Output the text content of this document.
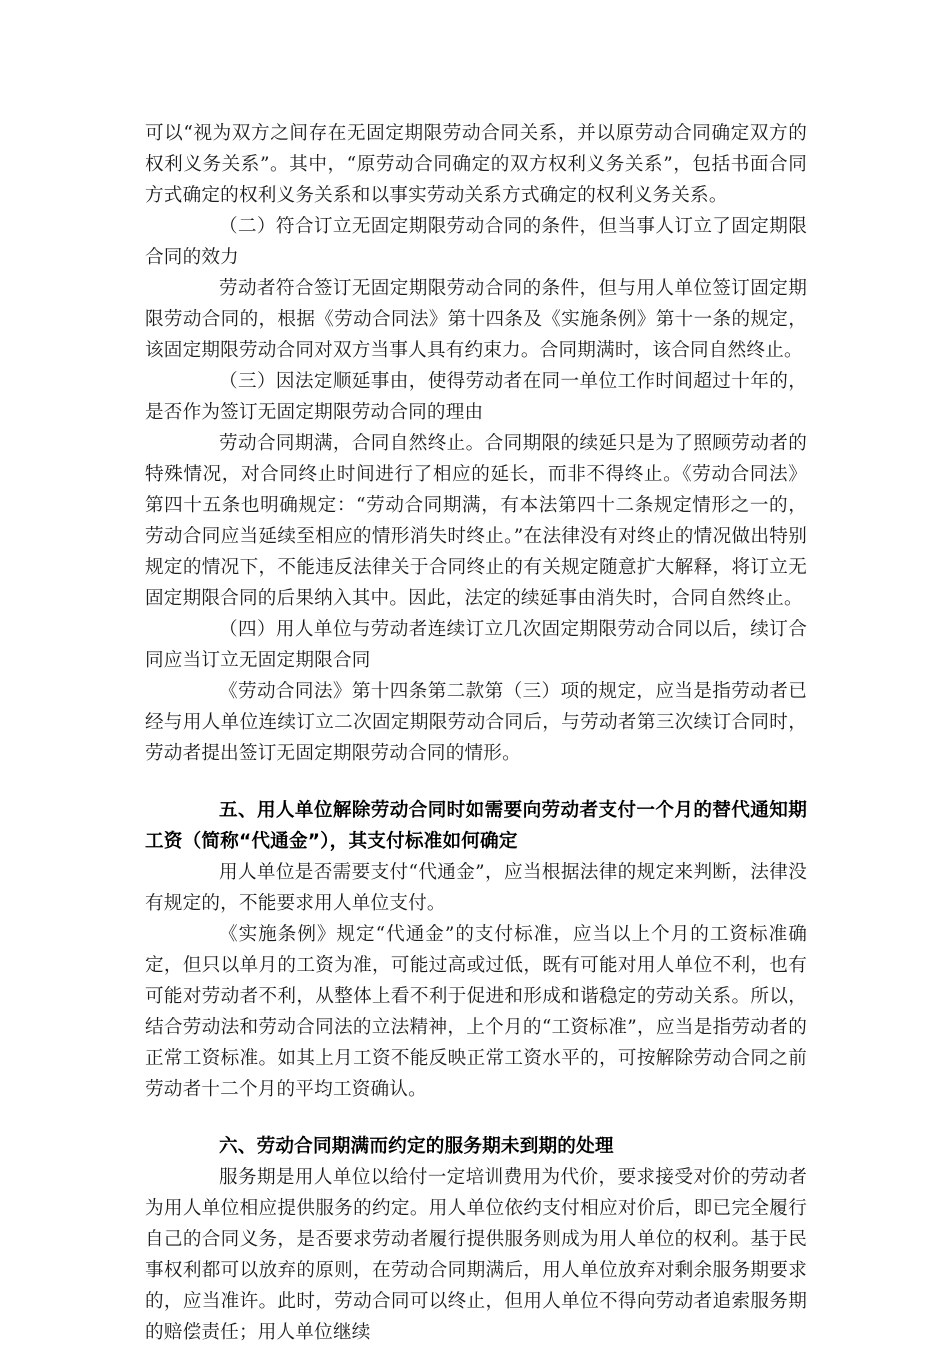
可以“视为双方之间存在无固定期限劳动合同关系，并以原劳动合同确定双方的权利义务关系”。其中，“原劳动合同确定的双方权利义务关系”，包括书面合同方式确定的权利义务关系和以事实劳动关系方式确定的权利义务关系。

（二）符合订立无固定期限劳动合同的条件，但当事人订立了固定期限合同的效力

劳动者符合签订无固定期限劳动合同的条件，但与用人单位签订固定期限劳动合同的，根据《劳动合同法》第十四条及《实施条例》第十一条的规定，该固定期限劳动合同对双方当事人具有约束力。合同期满时，该合同自然终止。

（三）因法定顺延事由，使得劳动者在同一单位工作时间超过十年的，是否作为签订无固定期限劳动合同的理由

劳动合同期满，合同自然终止。合同期限的续延只是为了照顾劳动者的特殊情况，对合同终止时间进行了相应的延长，而非不得终止。《劳动合同法》第四十五条也明确规定：“劳动合同期满，有本法第四十二条规定情形之一的，劳动合同应当延续至相应的情形消失时终止。”在法律没有对终止的情况做出特别规定的情况下，不能违反法律关于合同终止的有关规定随意扩大解释，将订立无固定期限合同的后果纳入其中。因此，法定的续延事由消失时，合同自然终止。

（四）用人单位与劳动者连续订立几次固定期限劳动合同以后，续订合同应当订立无固定期限合同

《劳动合同法》第十四条第二款第（三）项的规定，应当是指劳动者已经与用人单位连续订立二次固定期限劳动合同后，与劳动者第三次续订合同时，劳动者提出签订无固定期限劳动合同的情形。

五、用人单位解除劳动合同时如需要向劳动者支付一个月的替代通知期工资（简称“代通金”），其支付标准如何确定

用人单位是否需要支付“代通金”，应当根据法律的规定来判断，法律没有规定的，不能要求用人单位支付。

《实施条例》规定“代通金”的支付标准，应当以上个月的工资标准确定，但只以单月的工资为准，可能过高或过低，既有可能对用人单位不利，也有可能对劳动者不利，从整体上看不利于促进和形成和谐稳定的劳动关系。所以，结合劳动法和劳动合同法的立法精神，上个月的“工资标准”，应当是指劳动者的正常工资标准。如其上月工资不能反映正常工资水平的，可按解除劳动合同之前劳动者十二个月的平均工资确认。

六、劳动合同期满而约定的服务期未到期的处理

服务期是用人单位以给付一定培训费用为代价，要求接受对价的劳动者为用人单位相应提供服务的约定。用人单位依约支付相应对价后，即已完全履行自己的合同义务，是否要求劳动者履行提供服务则成为用人单位的权利。基于民事权利都可以放弃的原则，在劳动合同期满后，用人单位放弃对剩余服务期要求的，应当准许。此时，劳动合同可以终止，但用人单位不得向劳动者追索服务期的赔偿责任；用人单位继续
